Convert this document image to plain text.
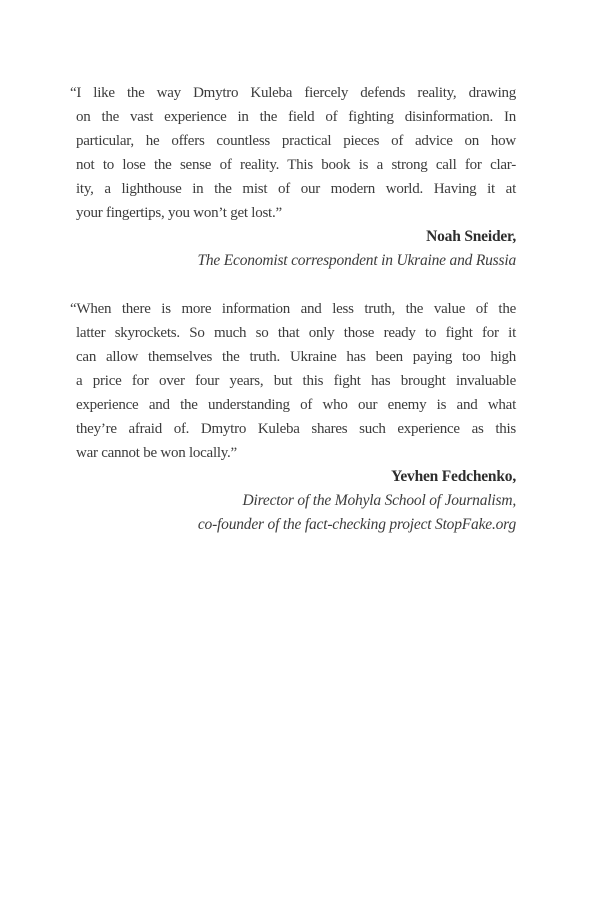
“I like the way Dmytro Kuleba fiercely defends reality, drawing
on the vast experience in the field of fighting disinformation. In
particular, he offers countless practical pieces of advice on how
not to lose the sense of reality. This book is a strong call for clar-
ity, a lighthouse in the mist of our modern world. Having it at
your fingertips, you won’t get lost.”
Noah Sneider,
The Economist correspondent in Ukraine and Russia
“When there is more information and less truth, the value of the
latter skyrockets. So much so that only those ready to fight for it
can allow themselves the truth. Ukraine has been paying too high
a price for over four years, but this fight has brought invaluable
experience and the understanding of who our enemy is and what
they’re afraid of. Dmytro Kuleba shares such experience as this
war cannot be won locally.”
Yevhen Fedchenko,
Director of the Mohyla School of Journalism,
co-founder of the fact-checking project StopFake.org
